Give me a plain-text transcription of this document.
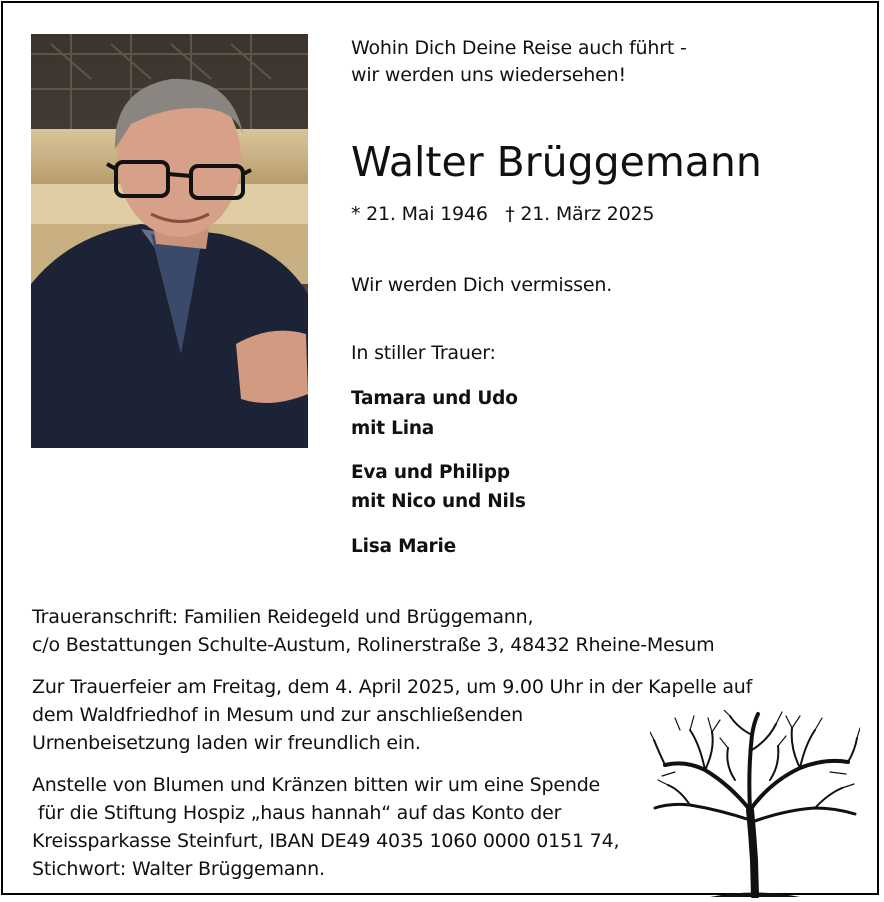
Wohin Dich Deine Reise auch führt -
wir werden uns wiedersehen!
Walter Brüggemann
* 21. Mai 1946   † 21. März 2025
Wir werden Dich vermissen.
In stiller Trauer:
Tamara und Udo
mit Lina
Eva und Philipp
mit Nico und Nils
Lisa Marie
Traueranschrift: Familien Reidegeld und Brüggemann,
c/o Bestattungen Schulte-Austum, Rolinerstraße 3, 48432 Rheine-Mesum
Zur Trauerfeier am Freitag, dem 4. April 2025, um 9.00 Uhr in der Kapelle auf
dem Waldfriedhof in Mesum und zur anschließenden
Urnenbeisetzung laden wir freundlich ein.
Anstelle von Blumen und Kränzen bitten wir um eine Spende
für die Stiftung Hospiz „haus hannah“ auf das Konto der
Kreissparkasse Steinfurt, IBAN DE49 4035 1060 0000 0151 74,
Stichwort: Walter Brüggemann.
